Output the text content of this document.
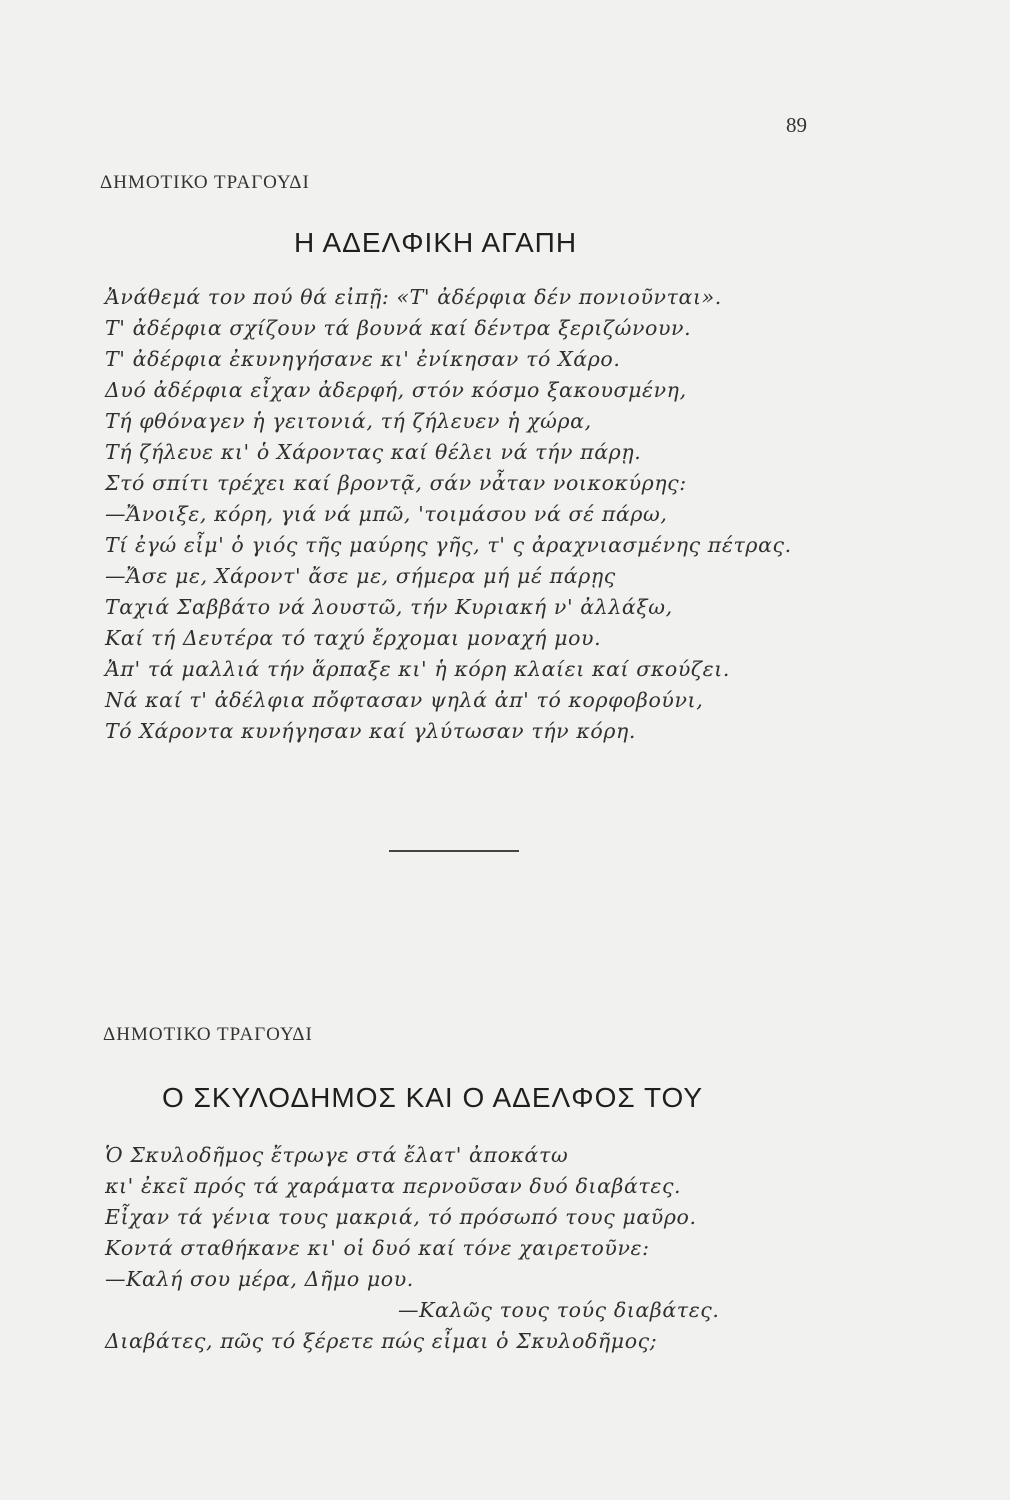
89
ΔΗΜΟΤΙΚΟ ΤΡΑΓΟΥΔΙ
Η ΑΔΕΛΦΙΚΗ ΑΓΑΠΗ
Ἀνάθεμά τον πού θά εἰπῇ: «Τ' ἀδέρφια δέν πονιοῦνται».
Τ' ἀδέρφια σχίζουν τά βουνά καί δέντρα ξεριζώνουν.
Τ' ἀδέρφια ἐκυνηγήσανε κι' ἐνίκησαν τό Χάρο.
Δυό ἀδέρφια εἶχαν ἀδερφή, στόν κόσμο ξακουσμένη,
Τή φθόναγεν ἡ γειτονιά, τή ζήλευεν ἡ χώρα,
Τή ζήλευε κι' ὁ Χάροντας καί θέλει νά τήν πάρῃ.
Στό σπίτι τρέχει καί βροντᾷ, σάν νἆταν νοικοκύρης:
—Ἄνοιξε, κόρη, γιά νά μπῶ, 'τοιμάσου νά σέ πάρω,
Τί ἐγώ εἶμ' ὁ γιός τῆς μαύρης γῆς, τ' ς ἀραχνιασμένης πέτρας.
—Ἄσε με, Χάροντ' ἄσε με, σήμερα μή μέ πάρῃς
Ταχιά Σαββάτο νά λουστῶ, τήν Κυριακή ν' ἀλλάξω,
Καί τή Δευτέρα τό ταχύ ἔρχομαι μοναχή μου.
Ἀπ' τά μαλλιά τήν ἅρπαξε κι' ἡ κόρη κλαίει καί σκούζει.
Νά καί τ' ἀδέλφια πὄφτασαν ψηλά ἀπ' τό κορφοβούνι,
Τό Χάροντα κυνήγησαν καί γλύτωσαν τήν κόρη.
ΔΗΜΟΤΙΚΟ ΤΡΑΓΟΥΔΙ
Ο ΣΚΥΛΟΔΗΜΟΣ ΚΑΙ Ο ΑΔΕΛΦΟΣ ΤΟΥ
Ὁ Σκυλοδῆμος ἔτρωγε στά ἔλατ' ἀποκάτω
κι' ἐκεῖ πρός τά χαράματα περνοῦσαν δυό διαβάτες.
Εἶχαν τά γένια τους μακριά, τό πρόσωπό τους μαῦρο.
Κοντά σταθήκανε κι' οἱ δυό καί τόνε χαιρετοῦνε:
—Καλή σου μέρα, Δῆμο μου.
—Καλῶς τους τούς διαβάτες.
Διαβάτες, πῶς τό ξέρετε πώς εἶμαι ὁ Σκυλοδῆμος;
